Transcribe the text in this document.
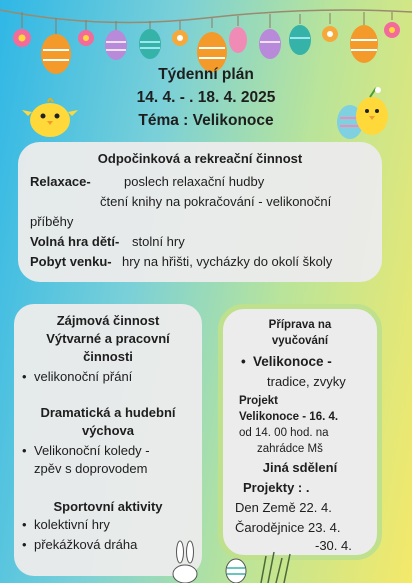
Týdenní plán
14. 4. - . 18. 4. 2025
Téma : Velikonoce
Odpočinková a rekreační činnost
Relaxace-	poslech relaxační hudby
čtení knihy na pokračování - velikonoční
příběhy
Volná hra dětí- stolní hry
Pobyt venku- hry na hřišti, vycházky do okolí školy
Zájmová činnost
Výtvarné a pracovní
činnosti
• velikonoční přání
Dramatická a hudební
výchova
• Velikonoční koledy -
zpěv s doprovodem
Sportovní aktivity
• kolektivní hry
• překážková dráha
Příprava na
vyučování
• Velikonoce -
tradice, zvyky
Projekt
Velikonoce - 16. 4.
od 14. 00 hod. na
zahrádce Mš
Jiná sdělení
Projekty : .
Den Země 22. 4.
Čarodějnice 23. 4.
-30. 4.
